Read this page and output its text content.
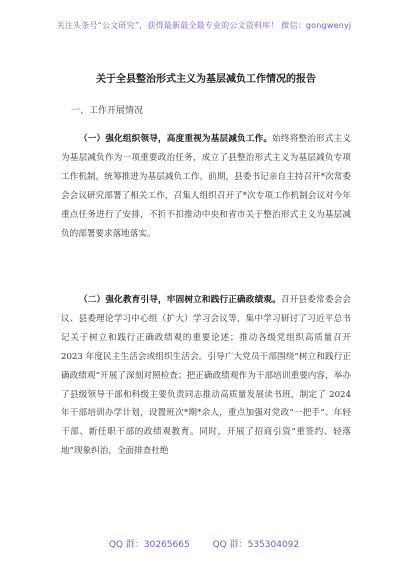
关注头条号“公文研究”，获得最新最全最专业的公文资料库！ 微信：gongwenyj
关于全县整治形式主义为基层减负工作情况的报告
一、工作开展情况

（一）强化组织领导，高度重视为基层减负工作。始终将整治形式主义为基层减负作为一项重要政治任务，成立了县整治形式主义为基层减负专项工作机制，统筹推进为基层减负工作。前期，县委书记亲自主持召开*次常委会会议研究部署了相关工作，召集人组织召开了*次专项工作机制会议对今年重点任务进行了安排，不折不扣推动中央和省市关于整治形式主义为基层减负的部署要求落地落实。

（二）强化教育引导，牢固树立和践行正确政绩观。召开县委常委会会议、县委理论学习中心组（扩大）学习会议等，集中学习研讨了习近平总书记关于树立和践行正确政绩观的重要论述；推动各级党组织高质量召开 2023 年度民主生活会或组织生活会。引导广大党员干部围绕“树立和践行正确政绩观”开展了深刻对照检查；把正确政绩观作为干部培训重要内容，举办了县级领导干部和科级主要负责同志推动高质量发展读书班，制定了 2024 年干部培训办学计划，设置班次*期*余人，重点加强对党政“一把手”、年轻干部、新任职干部的政绩观教育。同时，开展了招商引资“重签约、轻落地”现象纠治，全面排查杜绝

QQ 群：30265665	QQ 群：535304092
